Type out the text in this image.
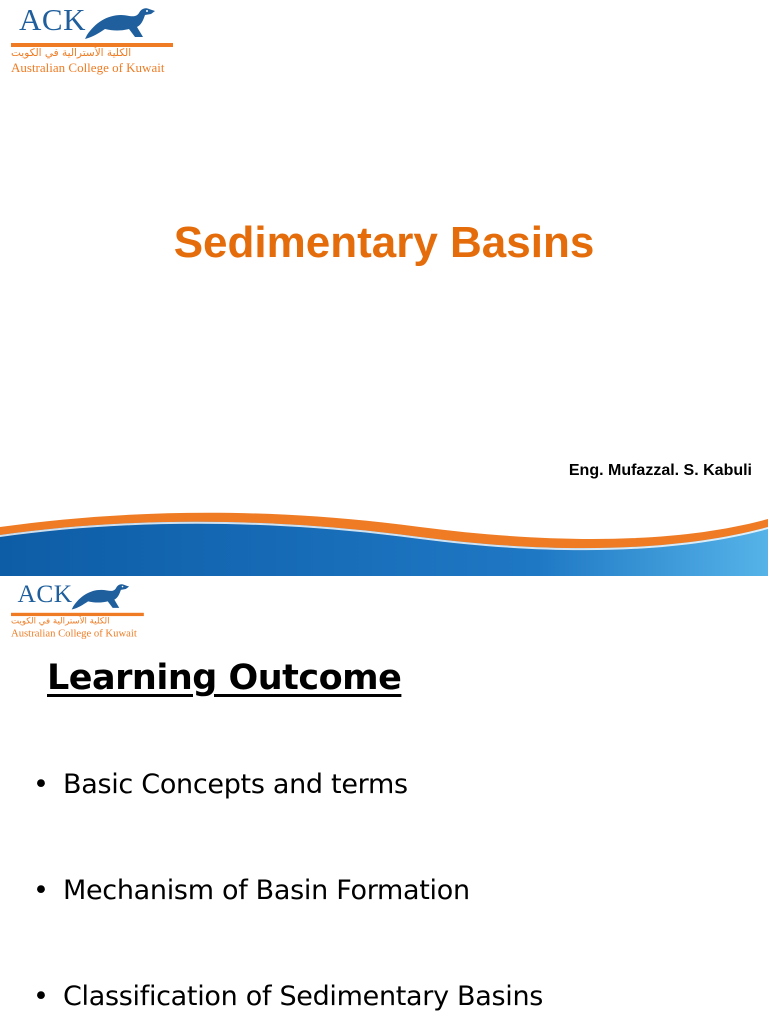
ACK
الكلية الأسترالية في الكويت
Australian College of Kuwait
Sedimentary Basins

Eng. Mufazzal. S. Kabuli

ACK
الكلية الأسترالية في الكويت
Australian College of Kuwait
Learning Outcome
• Basic Concepts and terms
• Mechanism of Basin Formation
• Classification of Sedimentary Basins
